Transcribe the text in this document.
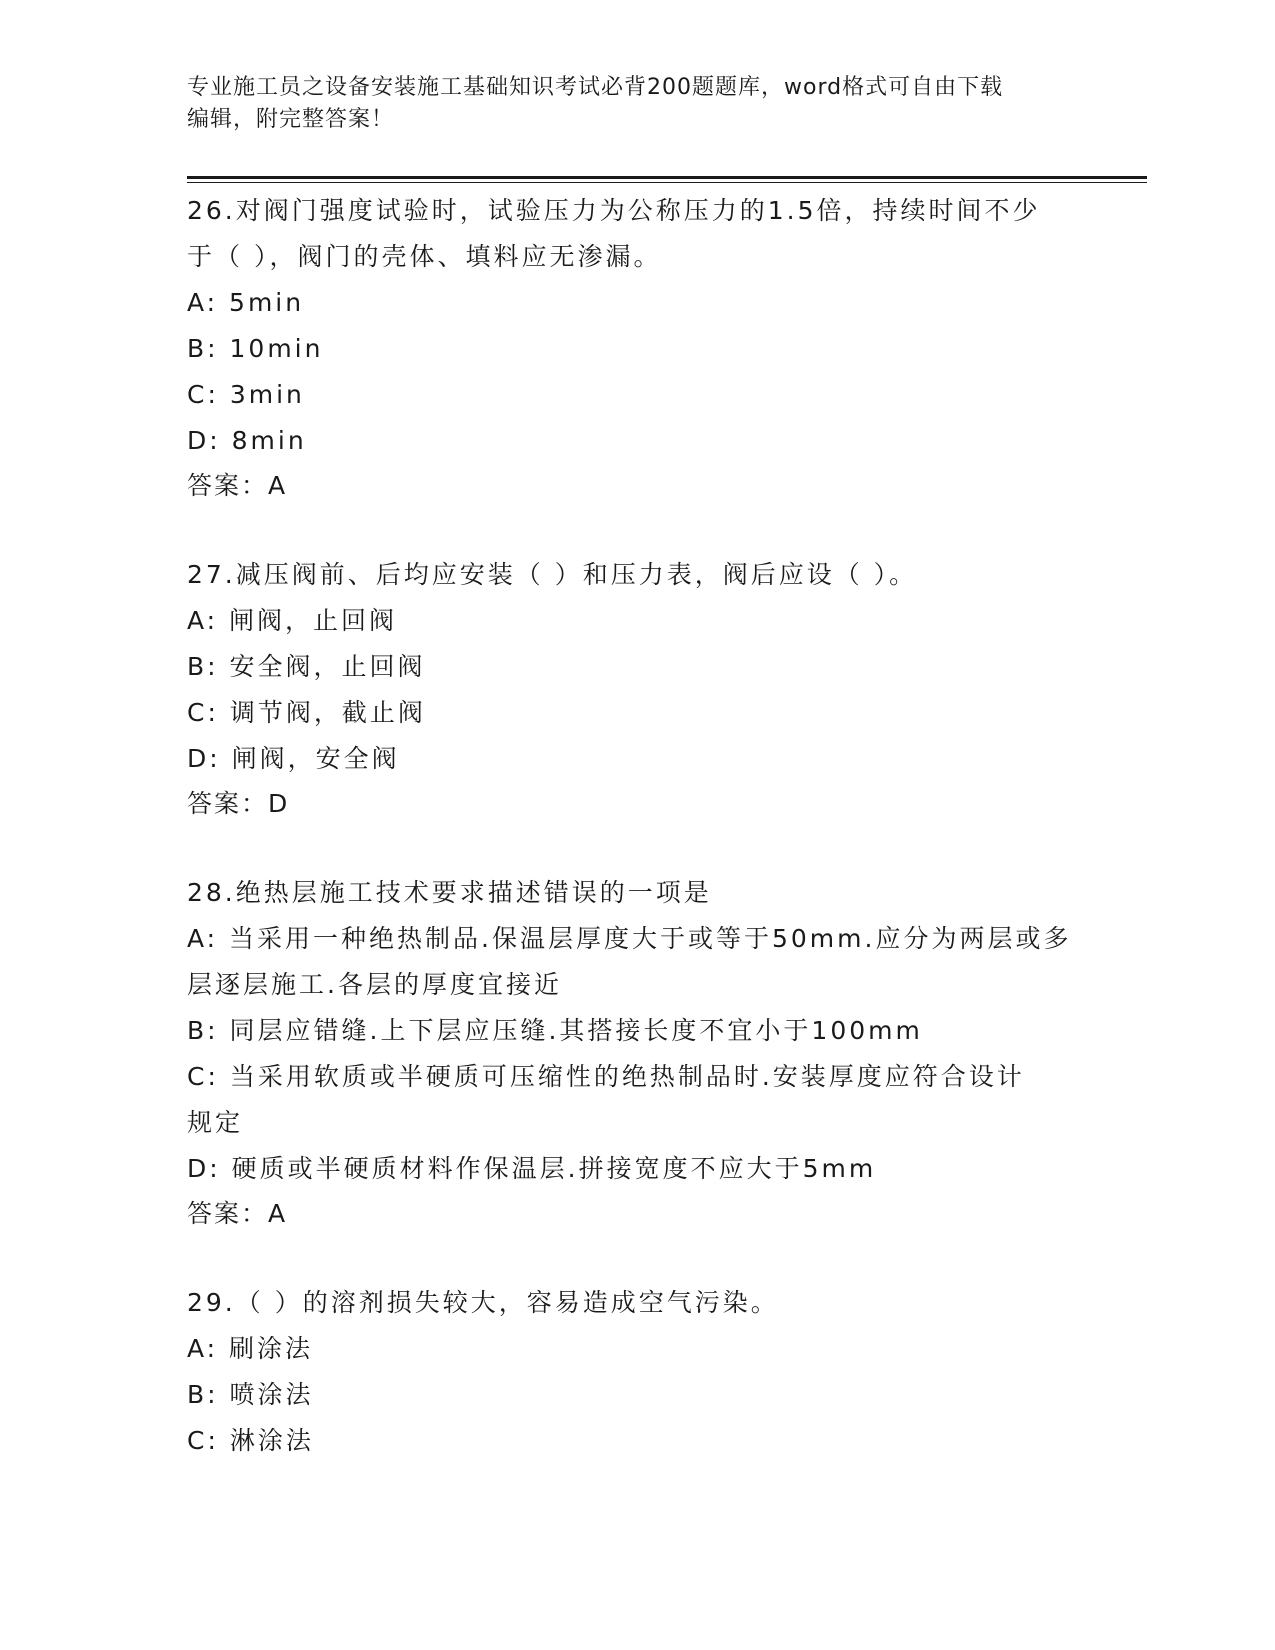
专业施工员之设备安装施工基础知识考试必背200题题库，word格式可自由下载
编辑，附完整答案！
26.对阀门强度试验时，试验压力为公称压力的1.5倍，持续时间不少
于（ ），阀门的壳体、填料应无渗漏。
A: 5min
B: 10min
C: 3min
D: 8min
答案：A
27.减压阀前、后均应安装（ ）和压力表，阀后应设（ ）。
A: 闸阀，止回阀
B: 安全阀，止回阀
C: 调节阀，截止阀
D: 闸阀，安全阀
答案：D
28.绝热层施工技术要求描述错误的一项是
A: 当采用一种绝热制品.保温层厚度大于或等于50mm.应分为两层或多
层逐层施工.各层的厚度宜接近
B: 同层应错缝.上下层应压缝.其搭接长度不宜小于100mm
C: 当采用软质或半硬质可压缩性的绝热制品时.安装厚度应符合设计
规定
D: 硬质或半硬质材料作保温层.拼接宽度不应大于5mm
答案：A
29.（ ）的溶剂损失较大，容易造成空气污染。
A: 刷涂法
B: 喷涂法
C: 淋涂法
